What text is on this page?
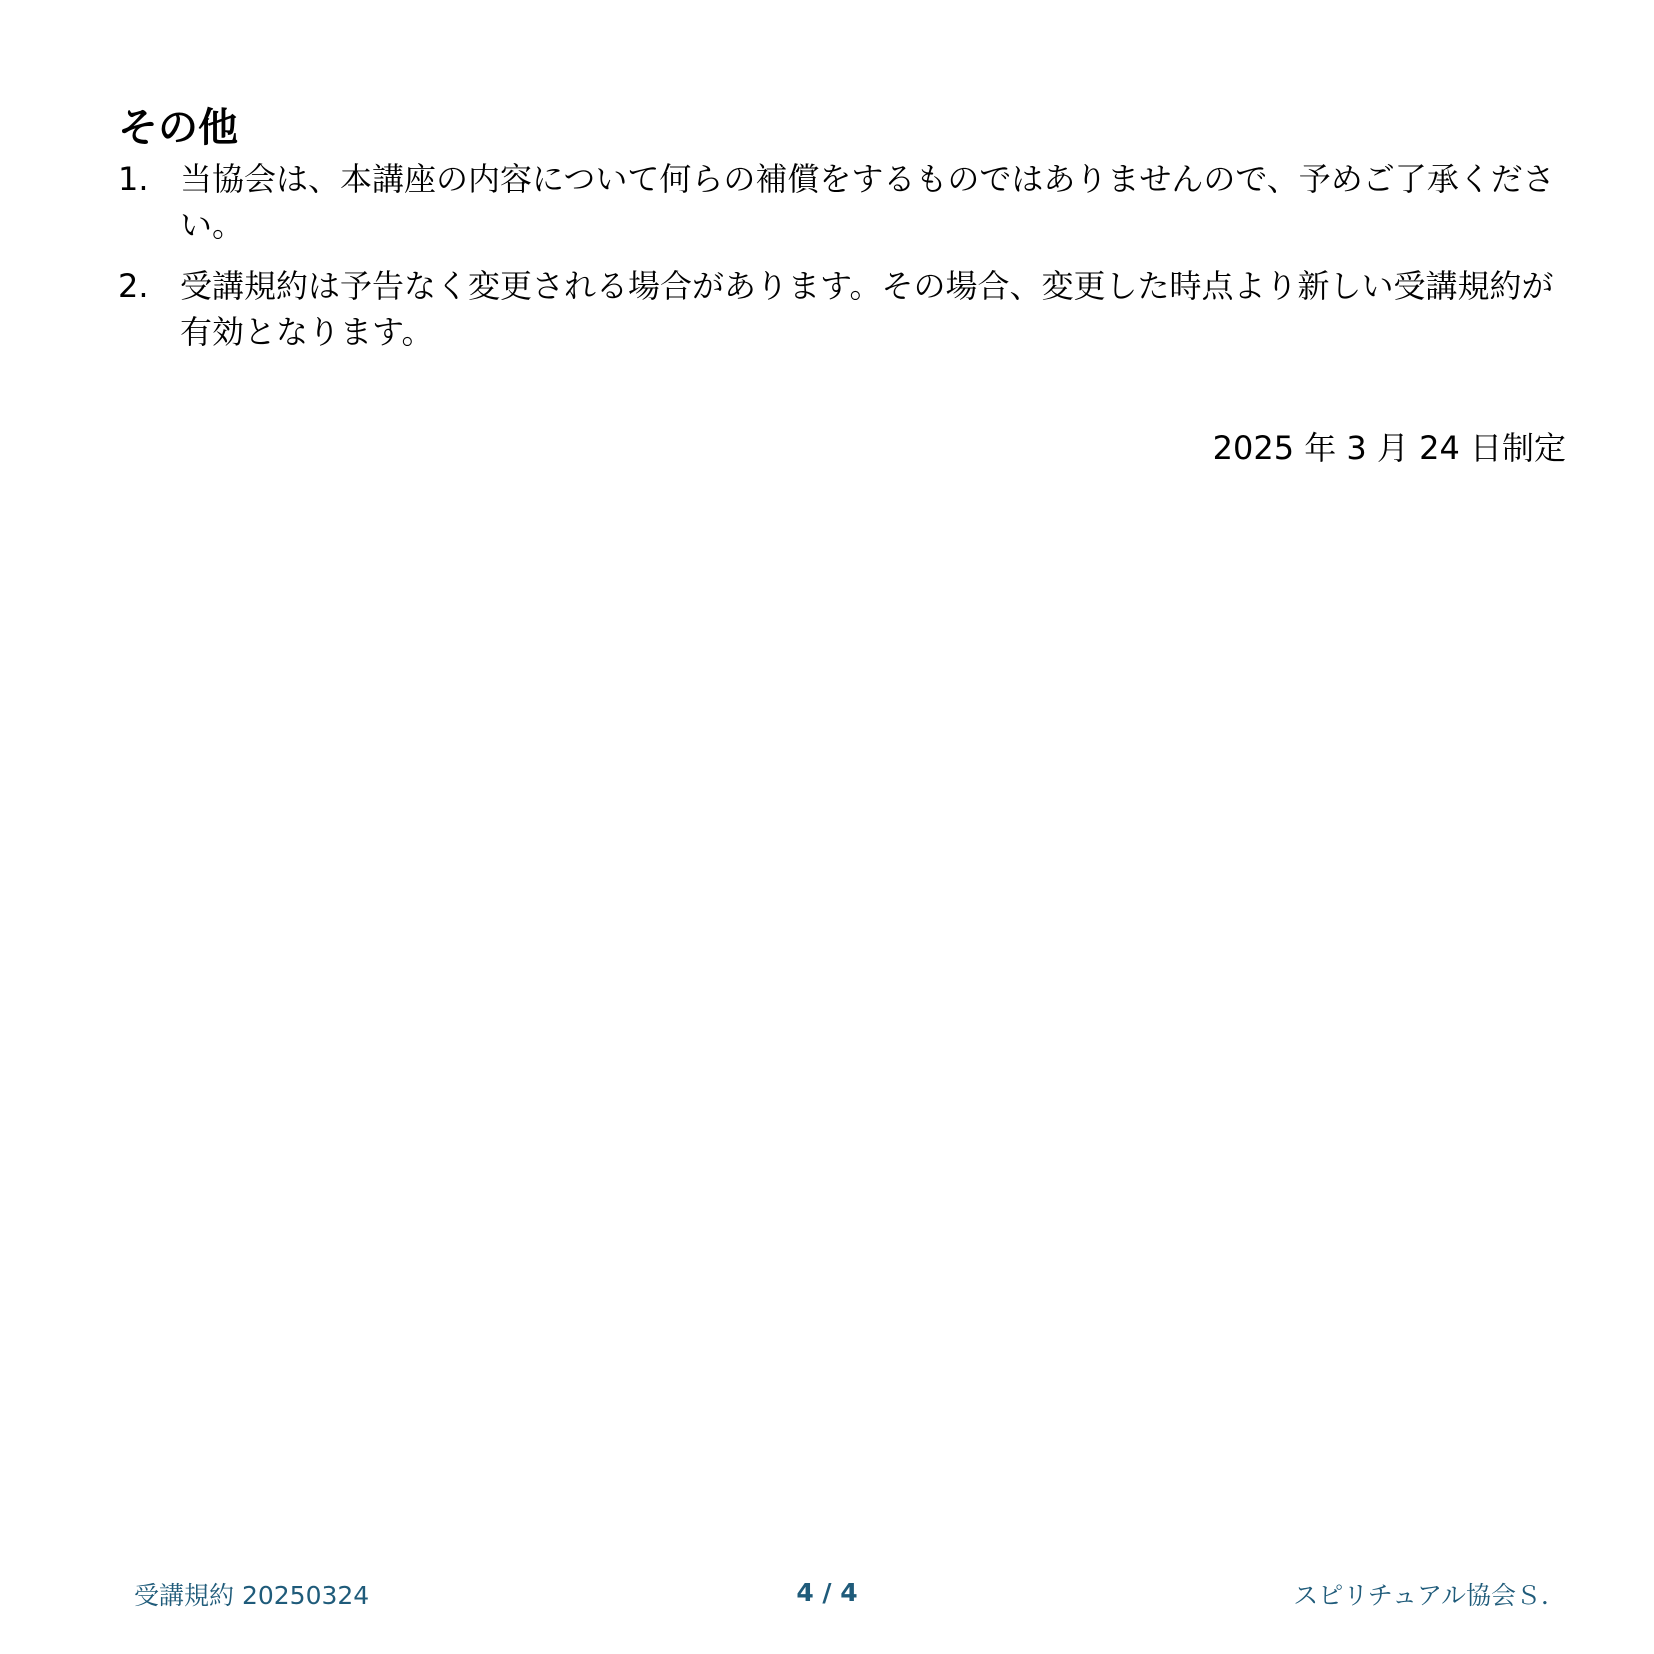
その他
1. 当協会は、本講座の内容について何らの補償をするものではありませんので、予めご了承ください。
2. 受講規約は予告なく変更される場合があります。その場合、変更した時点より新しい受講規約が有効となります。
2025 年 3 月 24 日制定
受講規約 20250324	4 / 4	スピリチュアル協会Ｓ．
